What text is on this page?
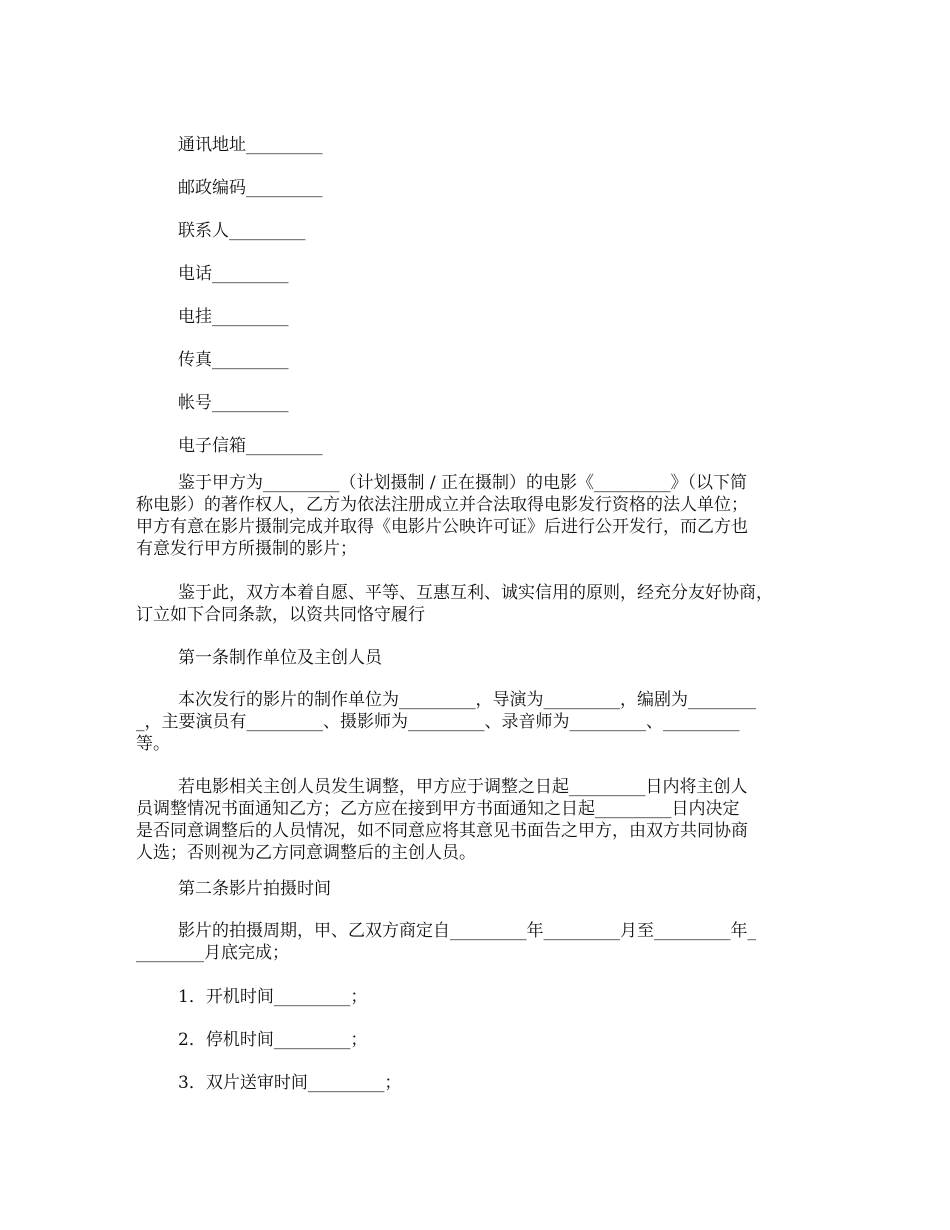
通讯地址_________
邮政编码_________
联系人_________
电话_________
电挂_________
传真_________
帐号_________
电子信箱_________
鉴于甲方为_________（计划摄制 / 正在摄制）的电影《_________》（以下简
称电影）的著作权人，乙方为依法注册成立并合法取得电影发行资格的法人单位；
甲方有意在影片摄制完成并取得《电影片公映许可证》后进行公开发行，而乙方也
有意发行甲方所摄制的影片；
鉴于此，双方本着自愿、平等、互惠互利、诚实信用的原则，经充分友好协商，
订立如下合同条款，以资共同恪守履行
第一条制作单位及主创人员
本次发行的影片的制作单位为_________，导演为_________，编剧为________
_，主要演员有_________、摄影师为_________、录音师为_________、_________
等。
若电影相关主创人员发生调整，甲方应于调整之日起_________日内将主创人
员调整情况书面通知乙方；乙方应在接到甲方书面通知之日起_________日内决定
是否同意调整后的人员情况，如不同意应将其意见书面告之甲方，由双方共同协商
人选；否则视为乙方同意调整后的主创人员。
第二条影片拍摄时间
影片的拍摄周期，甲、乙双方商定自_________年_________月至_________年_
________月底完成；
1．开机时间_________；
2．停机时间_________；
3．双片送审时间_________；
